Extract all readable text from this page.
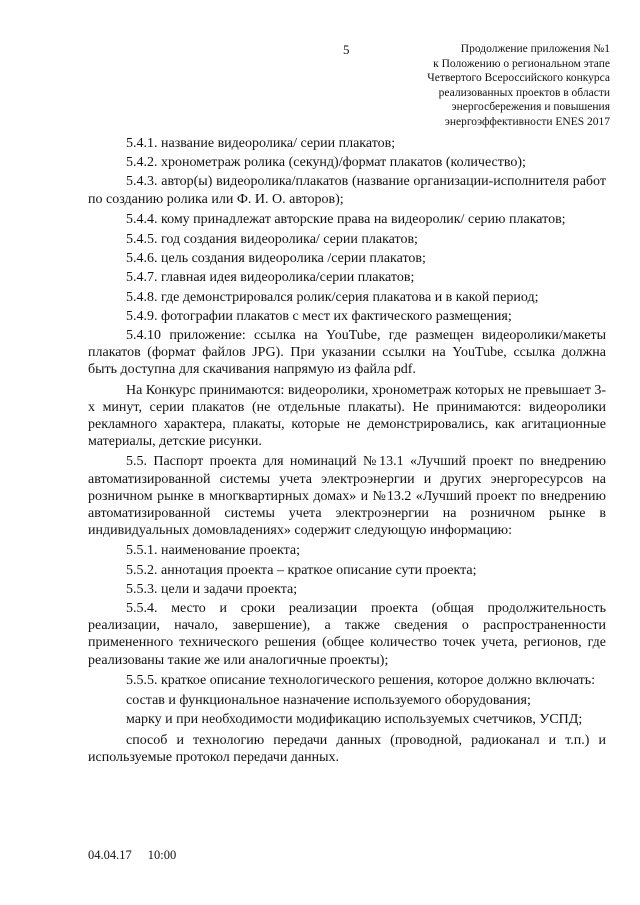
5	Продолжение приложения №1
к Положению о региональном этапе
Четвертого Всероссийского конкурса
реализованных проектов в области
энергосбережения и повышения
энергоэффективности ENES 2017

5.4.1. название видеоролика/ серии плакатов;

5.4.2. хронометраж ролика (секунд)/формат плакатов (количество);

5.4.3. автор(ы) видеоролика/плакатов (название организации-исполнителя работ по созданию ролика или Ф. И. О. авторов);

5.4.4. кому принадлежат авторские права на видеоролик/ серию плакатов;

5.4.5. год создания видеоролика/ серии плакатов;

5.4.6. цель создания видеоролика /серии плакатов;

5.4.7. главная идея видеоролика/серии плакатов;

5.4.8. где демонстрировался ролик/серия плакатова и в какой период;

5.4.9. фотографии плакатов с мест их фактического размещения;

5.4.10 приложение: ссылка на YouTube, где размещен видеоролики/макеты плакатов (формат файлов JPG). При указании ссылки на YouTube, ссылка должна быть доступна для скачивания напрямую из файла pdf.

На Конкурс принимаются: видеоролики, хронометраж которых не превышает 3-х минут, серии плакатов (не отдельные плакаты). Не принимаются: видеоролики рекламного характера, плакаты, которые не демонстрировались, как агитационные материалы, детские рисунки.

5.5. Паспорт проекта для номинаций №13.1 «Лучший проект по внедрению автоматизированной системы учета электроэнергии и других энергоресурсов на розничном рынке в многквартирных домах» и №13.2 «Лучший проект по внедрению автоматизированной системы учета электроэнергии на розничном рынке в индивидуальных домовладениях» содержит следующую информацию:

5.5.1. наименование проекта;

5.5.2. аннотация проекта – краткое описание сути проекта;

5.5.3. цели и задачи проекта;

5.5.4. место и сроки реализации проекта (общая продолжительность реализации, начало, завершение), а также сведения о распространенности примененного технического решения (общее количество точек учета, регионов, где реализованы такие же или аналогичные проекты);

5.5.5. краткое описание технологического решения, которое должно включать:

состав и функциональное назначение используемого оборудования;

марку и при необходимости модификацию используемых счетчиков, УСПД;

способ и технологию передачи данных (проводной, радиоканал и т.п.) и используемые протокол передачи данных.

04.04.17 10:00
